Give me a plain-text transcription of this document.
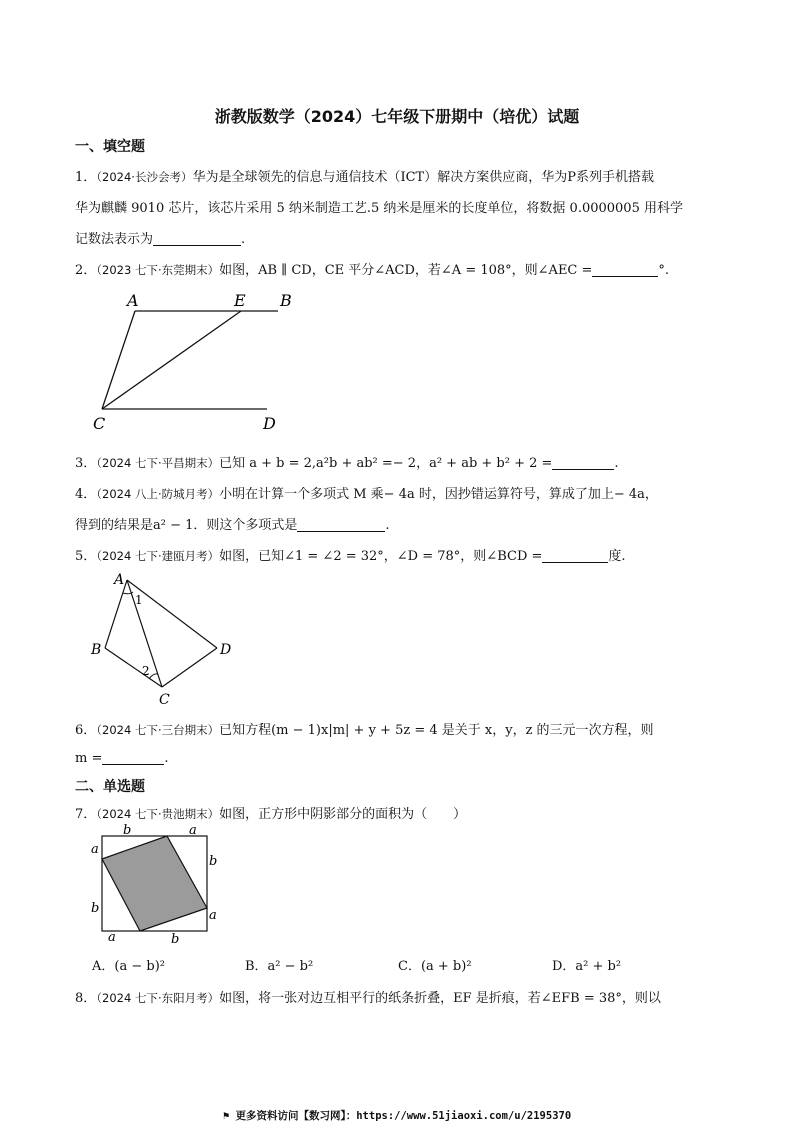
浙教版数学（2024）七年级下册期中（培优）试题
一、填空题
1．（2024·长沙会考）华为是全球领先的信息与通信技术（ICT）解决方案供应商，华为P系列手机搭载
华为麒麟 9010 芯片，该芯片采用 5 纳米制造工艺.5 纳米是厘米的长度单位，将数据 0.0000005 用科学
记数法表示为	.
2．（2023 七下·东莞期末）如图，AB ∥ CD，CE 平分∠ACD，若∠A = 108°，则∠AEC =	°.
A	E B
C	D
3．（2024 七下·平昌期末）已知 a + b = 2,a²b + ab² =− 2，a² + ab + b² + 2 =	.
4．（2024 八上·防城月考）小明在计算一个多项式 M 乘− 4a 时，因抄错运算符号，算成了加上− 4a，
得到的结果是a² − 1．则这个多项式是	.
5．（2024 七下·建瓯月考）如图，已知∠1 = ∠2 = 32°，∠D = 78°，则∠BCD =	度.
A
B
C
D
1
2
6．（2024 七下·三台期末）已知方程(m − 1)x|m| + y + 5z = 4 是关于 x，y，z 的三元一次方程，则
m =	.
二、单选题
7．（2024 七下·贵池期末）如图，正方形中阴影部分的面积为（　　）
b	a
a
b
b
a
a	b
A．(a − b)²	B．a² − b²	C．(a + b)²	D．a² + b²
8．（2024 七下·东阳月考）如图，将一张对边互相平行的纸条折叠，EF 是折痕，若∠EFB = 38°，则以
⚑ 更多资料访问【数习网】：https://www.51jiaoxi.com/u/2195370
